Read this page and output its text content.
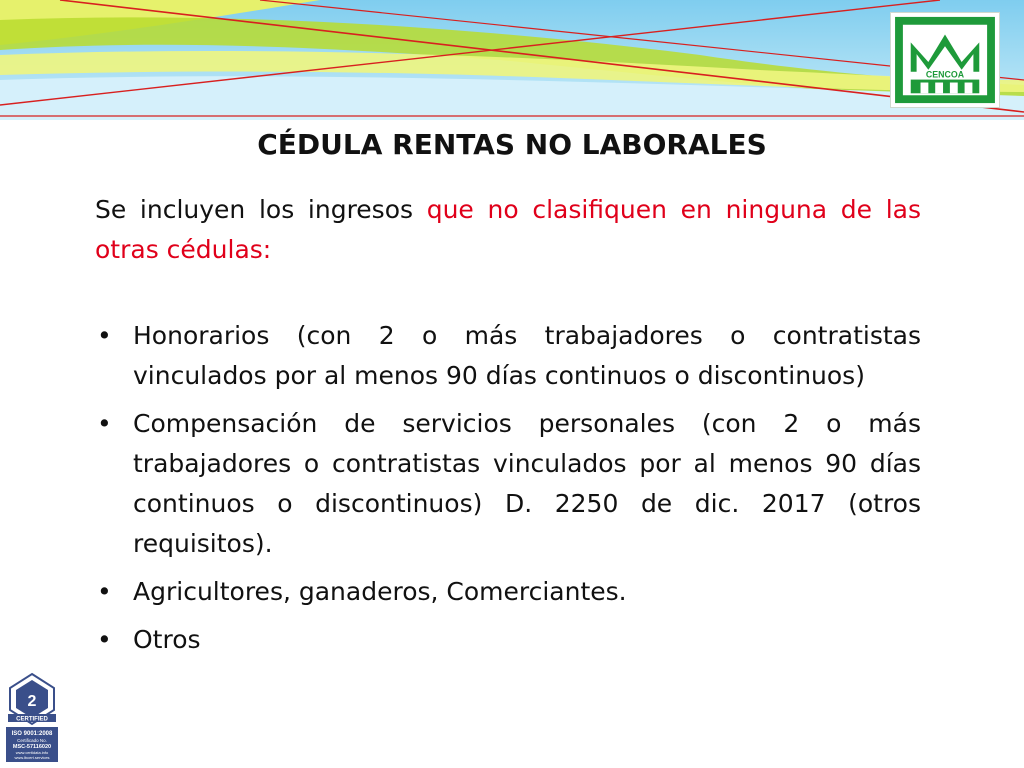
CENCOA
CÉDULA RENTAS NO LABORALES

Se incluyen los ingresos que no clasifiquen en ninguna de las otras cédulas:

• Honorarios (con 2 o más trabajadores o contratistas vinculados por al menos 90 días continuos o discontinuos)
• Compensación de servicios personales (con 2 o más trabajadores o contratistas vinculados por al menos 90 días continuos o discontinuos) D. 2250 de dic. 2017 (otros requisitos).
• Agricultores, ganaderos, Comerciantes.
• Otros
2
CERTIFIED
ISO 9001:2008
Certificado No.
MSC-57116020
www.certidata.info
www.lbcert.services
